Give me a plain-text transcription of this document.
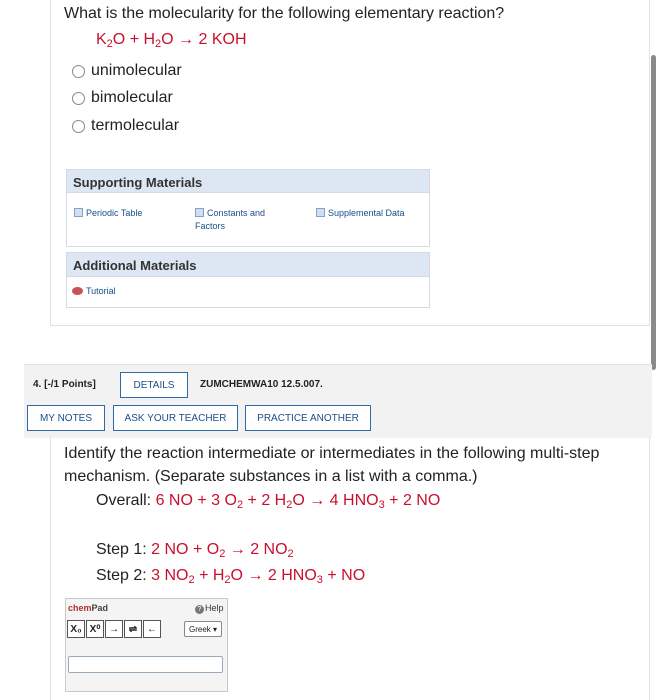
What is the molecularity for the following elementary reaction?
$K_2O + H_2O \to 2$ KOH
unimolecular
bimolecular
termolecular
Supporting Materials
Periodic Table	Constants and
Factors
Supplemental Data
Additional Materials
Tutorial
4. [-/1 Points]	DETAILS	ZUMCHEMWA10 12.5.007.
MY NOTES	ASK YOUR TEACHER	PRACTICE ANOTHER
Identify the reaction intermediate or intermediates in the following multi-step mechanism. (Separate substances in a list with a comma.)
Overall: 6 NO + 3 $O_2 + 2$ $H_2O \to 4$ $HNO_3 + 2$ NO
Step 1: 2 NO + $O_2 \to 2$ $NO_2$
Step 2: 3 $NO_2 + H_2O \to 2$ $HNO_3$ + NO
chemPad	? Help
X₀ X⁰ → ⇌ ←	Greek ▾
